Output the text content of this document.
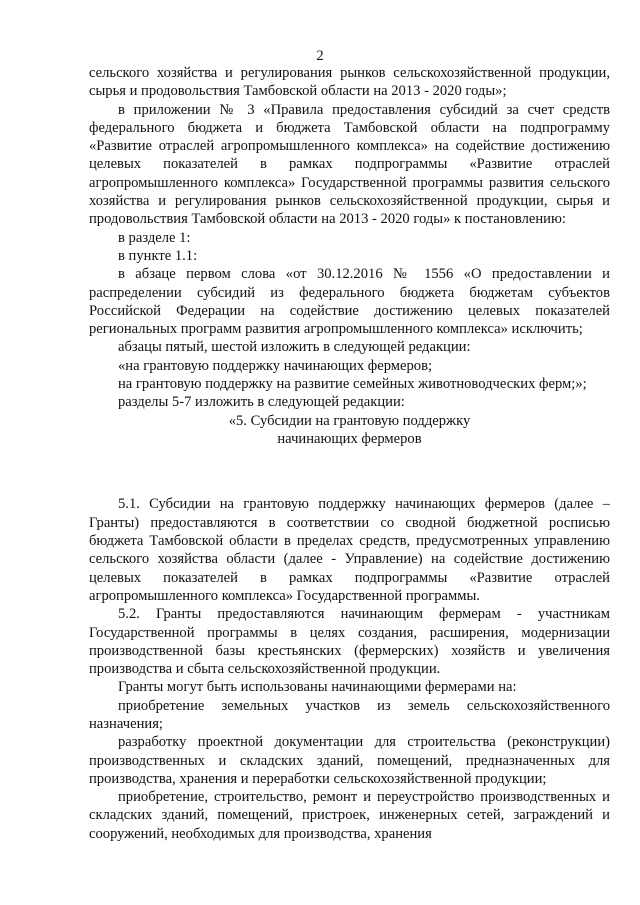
2

сельского хозяйства и регулирования рынков сельскохозяйственной продукции, сырья и продовольствия Тамбовской области на 2013 - 2020 годы»;

в приложении № 3 «Правила предоставления субсидий за счет средств федерального бюджета и бюджета Тамбовской области на подпрограмму «Развитие отраслей агропромышленного комплекса» на содействие достижению целевых показателей в рамках подпрограммы «Развитие отраслей агропромышленного комплекса» Государственной программы развития сельского хозяйства и регулирования рынков сельскохозяйственной продукции, сырья и продовольствия Тамбовской области на 2013 - 2020 годы» к постановлению:

в разделе 1:

в пункте 1.1:

в абзаце первом слова «от 30.12.2016 № 1556 «О предоставлении и распределении субсидий из федерального бюджета бюджетам субъектов Российской Федерации на содействие достижению целевых показателей региональных программ развития агропромышленного комплекса» исключить;

абзацы пятый, шестой изложить в следующей редакции:

«на грантовую поддержку начинающих фермеров;

на грантовую поддержку на развитие семейных животноводческих ферм;»;

разделы 5-7 изложить в следующей редакции:

«5. Субсидии на грантовую поддержку

начинающих фермеров

5.1. Субсидии на грантовую поддержку начинающих фермеров (далее – Гранты) предоставляются в соответствии со сводной бюджетной росписью бюджета Тамбовской области в пределах средств, предусмотренных управлению сельского хозяйства области (далее - Управление) на содействие достижению целевых показателей в рамках подпрограммы «Развитие отраслей агропромышленного комплекса» Государственной программы.

5.2. Гранты предоставляются начинающим фермерам - участникам Государственной программы в целях создания, расширения, модернизации производственной базы крестьянских (фермерских) хозяйств и увеличения производства и сбыта сельскохозяйственной продукции.

Гранты могут быть использованы начинающими фермерами на:

приобретение земельных участков из земель сельскохозяйственного назначения;

разработку проектной документации для строительства (реконструкции) производственных и складских зданий, помещений, предназначенных для производства, хранения и переработки сельскохозяйственной продукции;

приобретение, строительство, ремонт и переустройство производственных и складских зданий, помещений, пристроек, инженерных сетей, заграждений и сооружений, необходимых для производства, хранения
